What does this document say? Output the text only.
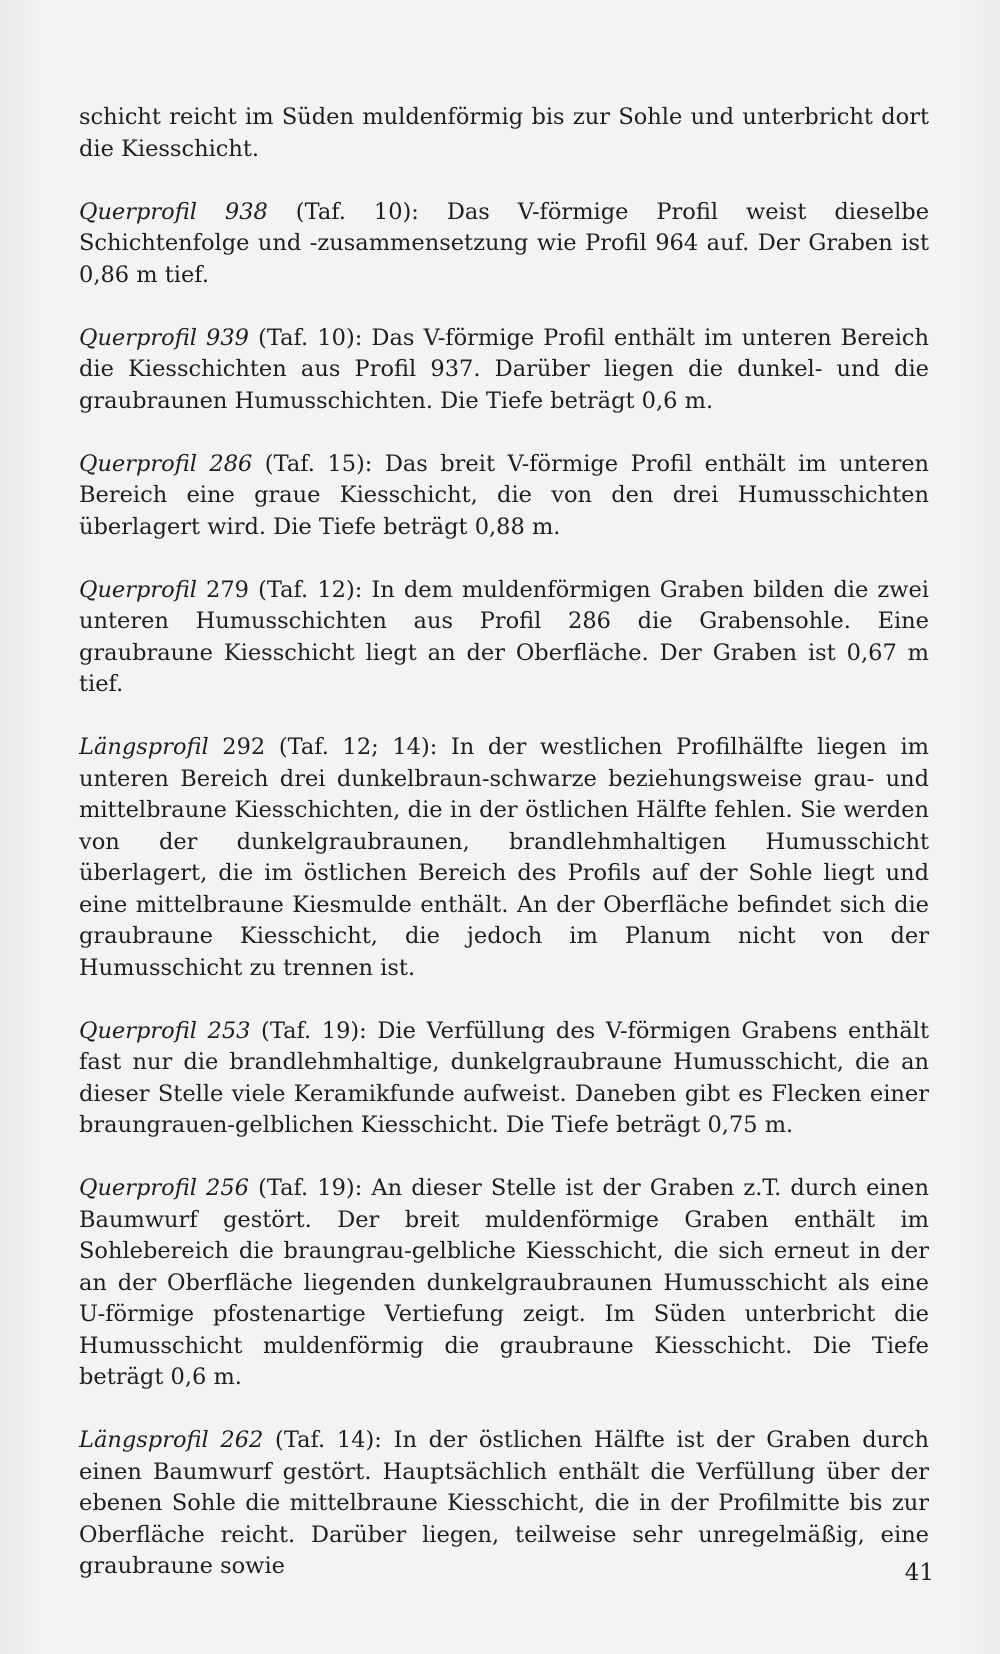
schicht reicht im Süden muldenförmig bis zur Sohle und unterbricht dort die Kiesschicht.

Querprofil 938 (Taf. 10): Das V-förmige Profil weist dieselbe Schichtenfolge und -zusammensetzung wie Profil 964 auf. Der Graben ist 0,86 m tief.

Querprofil 939 (Taf. 10): Das V-förmige Profil enthält im unteren Bereich die Kiesschichten aus Profil 937. Darüber liegen die dunkel- und die graubraunen Humusschichten. Die Tiefe beträgt 0,6 m.

Querprofil 286 (Taf. 15): Das breit V-förmige Profil enthält im unteren Bereich eine graue Kiesschicht, die von den drei Humusschichten überlagert wird. Die Tiefe beträgt 0,88 m.

Querprofil 279 (Taf. 12): In dem muldenförmigen Graben bilden die zwei unteren Humusschichten aus Profil 286 die Grabensohle. Eine graubraune Kiesschicht liegt an der Oberfläche. Der Graben ist 0,67 m tief.

Längsprofil 292 (Taf. 12; 14): In der westlichen Profilhälfte liegen im unteren Bereich drei dunkelbraun-schwarze beziehungsweise grau- und mittelbraune Kiesschichten, die in der östlichen Hälfte fehlen. Sie werden von der dunkelgraubraunen, brandlehmhaltigen Humusschicht überlagert, die im östlichen Bereich des Profils auf der Sohle liegt und eine mittelbraune Kiesmulde enthält. An der Oberfläche befindet sich die graubraune Kiesschicht, die jedoch im Planum nicht von der Humusschicht zu trennen ist.

Querprofil 253 (Taf. 19): Die Verfüllung des V-förmigen Grabens enthält fast nur die brandlehmhaltige, dunkelgraubraune Humusschicht, die an dieser Stelle viele Keramikfunde aufweist. Daneben gibt es Flecken einer braungrauen-gelblichen Kiesschicht. Die Tiefe beträgt 0,75 m.

Querprofil 256 (Taf. 19): An dieser Stelle ist der Graben z.T. durch einen Baumwurf gestört. Der breit muldenförmige Graben enthält im Sohlebereich die braungrau-gelbliche Kiesschicht, die sich erneut in der an der Oberfläche liegenden dunkelgraubraunen Humusschicht als eine U-förmige pfostenartige Vertiefung zeigt. Im Süden unterbricht die Humusschicht muldenförmig die graubraune Kiesschicht. Die Tiefe beträgt 0,6 m.

Längsprofil 262 (Taf. 14): In der östlichen Hälfte ist der Graben durch einen Baumwurf gestört. Hauptsächlich enthält die Verfüllung über der ebenen Sohle die mittelbraune Kiesschicht, die in der Profilmitte bis zur Oberfläche reicht. Darüber liegen, teilweise sehr unregelmäßig, eine graubraune sowie	41
